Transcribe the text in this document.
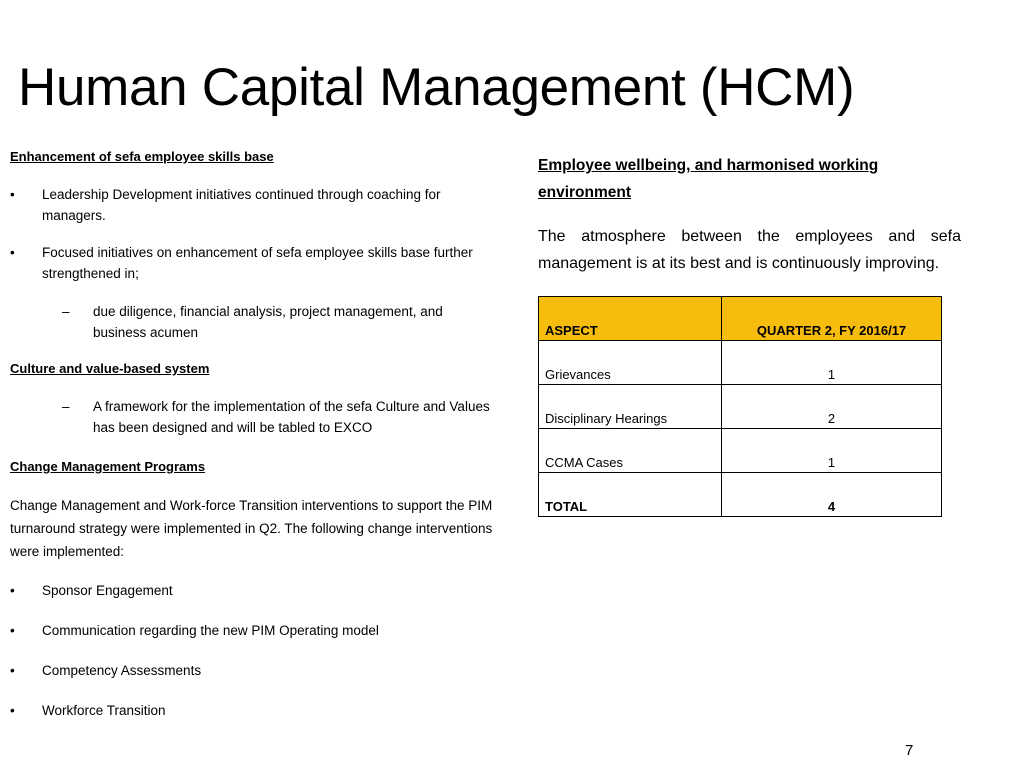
Human Capital Management (HCM)
Enhancement of sefa employee skills base
•	Leadership Development initiatives continued through coaching for managers.
•	Focused initiatives on enhancement of sefa employee skills base further strengthened in;
–	due diligence, financial analysis, project management, and business acumen
Culture and value-based system
–	A framework for the implementation of the sefa Culture and Values has been designed and will be tabled to EXCO
Change Management Programs
Change Management and Work-force Transition interventions to support the PIM turnaround strategy were implemented in Q2. The following change interventions were implemented:
•	Sponsor Engagement
•	Communication regarding the new PIM Operating model
•	Competency Assessments
•	Workforce Transition
Employee wellbeing, and harmonised working environment
The atmosphere between the employees and sefa management is at its best and is continuously improving.
ASPECT	QUARTER 2, FY 2016/17
Grievances	1
Disciplinary Hearings	2
CCMA Cases	1
TOTAL	4
7
